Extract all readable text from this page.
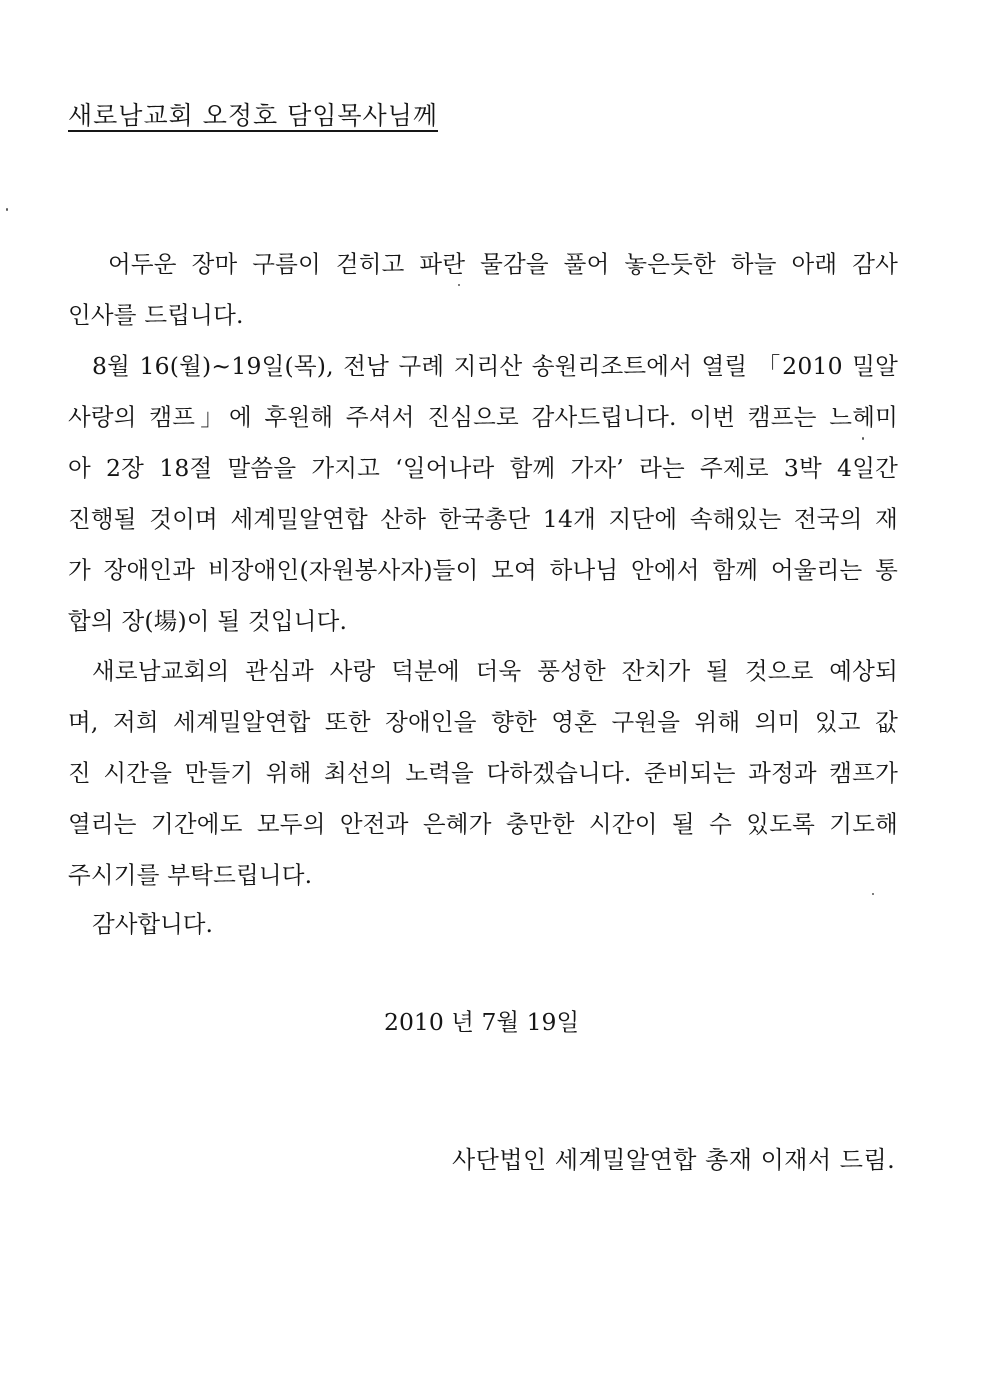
새로남교회 오정호 담임목사님께
어두운 장마 구름이 걷히고 파란 물감을 풀어 놓은듯한 하늘 아래 감사
인사를 드립니다.
8월 16(월)~19일(목), 전남 구례 지리산 송원리조트에서 열릴 「2010 밀알
사랑의 캠프」에 후원해 주셔서 진심으로 감사드립니다. 이번 캠프는 느헤미
아 2장 18절 말씀을 가지고 ‘일어나라 함께 가자’ 라는 주제로 3박 4일간
진행될 것이며 세계밀알연합 산하 한국총단 14개 지단에 속해있는 전국의 재
가 장애인과 비장애인(자원봉사자)들이 모여 하나님 안에서 함께 어울리는 통
합의 장(場)이 될 것입니다.
새로남교회의 관심과 사랑 덕분에 더욱 풍성한 잔치가 될 것으로 예상되
며, 저희 세계밀알연합 또한 장애인을 향한 영혼 구원을 위해 의미 있고 값
진 시간을 만들기 위해 최선의 노력을 다하겠습니다. 준비되는 과정과 캠프가
열리는 기간에도 모두의 안전과 은혜가 충만한 시간이 될 수 있도록 기도해
주시기를 부탁드립니다.
감사합니다.
2010 년 7월 19일
사단법인 세계밀알연합 총재 이재서 드림.
